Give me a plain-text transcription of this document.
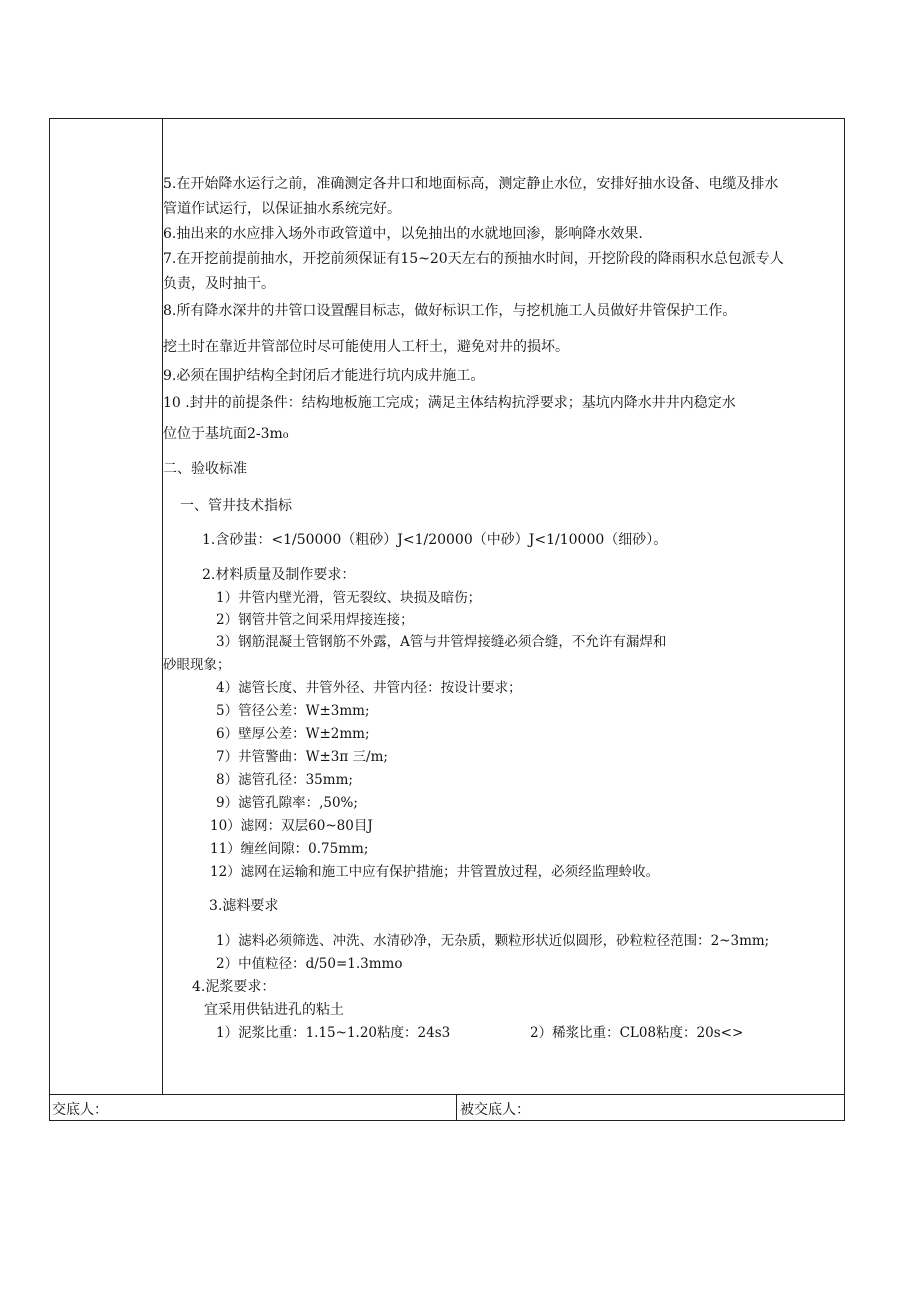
交底人：	被交底人：
5.在开始降水运行之前，准确测定各井口和地面标高，测定静止水位，安排好抽水设备、电缆及排水
管道作试运行，以保证抽水系统完好。
6.抽出来的水应排入场外市政管道中，以免抽出的水就地回渗，影响降水效果.
7.在开挖前提前抽水，开挖前须保证有15~20天左右的预抽水时间，开挖阶段的降雨积水总包派专人
负责，及时抽干。
8.所有降水深井的井管口设置醒目标志，做好标识工作，与挖机施工人员做好井管保护工作。
挖土时在靠近井管部位时尽可能使用人工杆土，避免对井的损坏。
9.必须在围护结构全封闭后才能进行坑内成井施工。
10 .封井的前提条件：结构地板施工完成；满足主体结构抗浮要求；基坑内降水井井内稳定水
位位于基坑面2-3m₀
二、验收标准
一、管井技术指标
1.含砂蚩：<1/50000（粗砂）J<1/20000（中砂）J<1/10000（细砂）。
2.材料质量及制作要求：
1）井管内壁光滑，管无裂纹、块损及暗伤；
2）钢管井管之间采用焊接连接；
3）钢筋混凝土管钢筋不外露，A管与井管焊接缝必须合缝，不允许有漏焊和
砂眼现象；
4）滤管长度、井管外径、井管内径：按设计要求；
5）管径公差：W±3mm;
6）壁厚公差：W±2mm;
7）井管警曲：W±3π 三/m;
8）滤管孔径：35mm;
9）滤管孔隙率：,50%;
10）滤网：双层60~80目J
11）缠丝间隙：0.75mm;
12）滤网在运输和施工中应有保护措施；井管置放过程，必须经监理蛉收。
3.滤料要求
1）滤料必须筛选、冲洗、水清砂净，无杂质，颗粒形状近似圆形，砂粒粒径范围：2~3mm;
2）中值粒径：d/50=1.3mmo
4.泥浆要求：
宜采用供钻进孔的粘土
1）泥浆比重：1.15~1.20粘度：24s3	2）稀浆比重：CL08粘度：20s<>
